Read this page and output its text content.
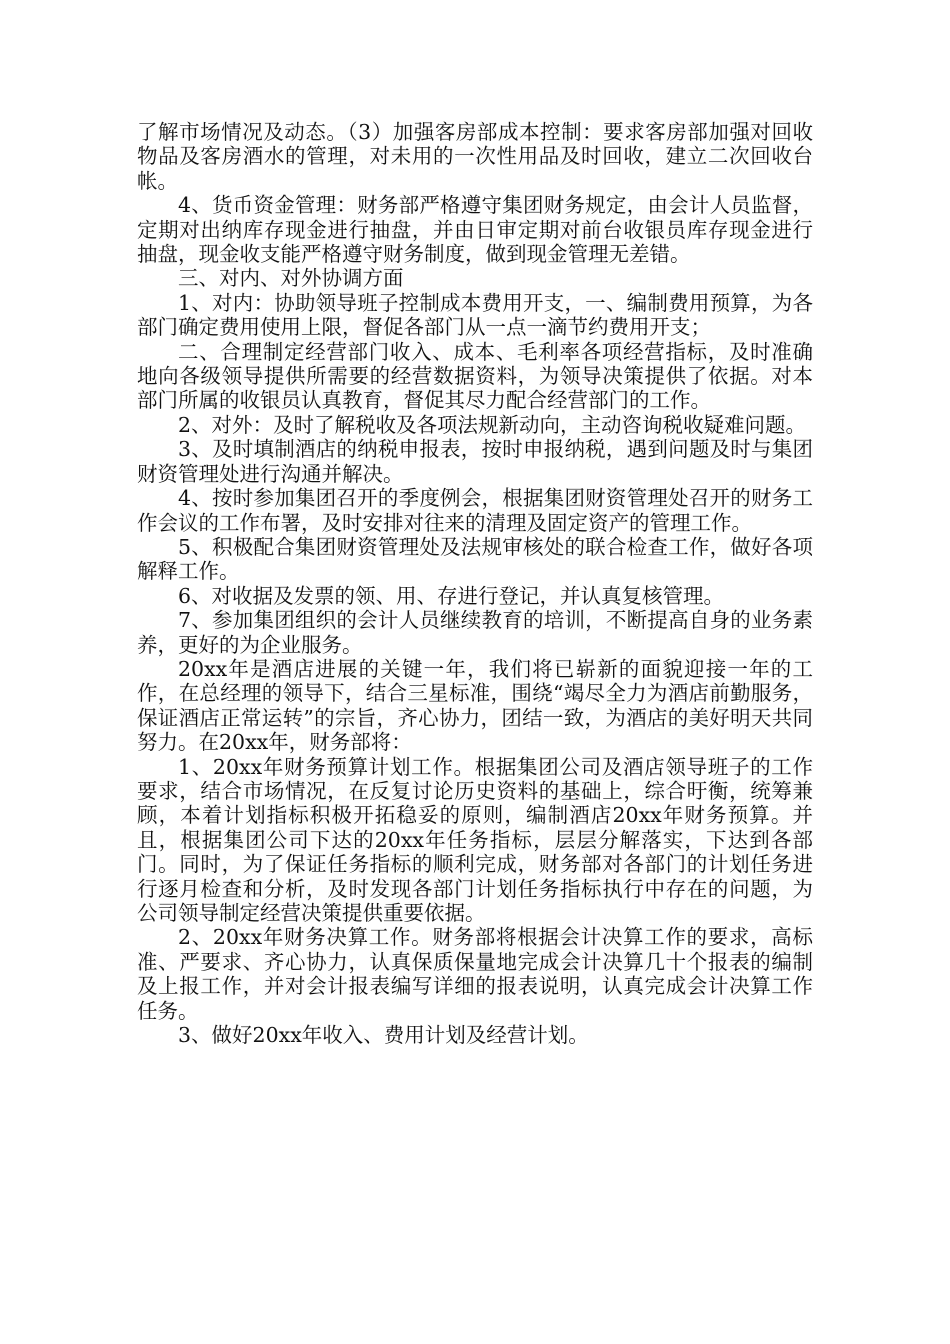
了解市场情况及动态。（3）加强客房部成本控制：要求客房部加强对回收物品及客房酒水的管理，对未用的一次性用品及时回收，建立二次回收台帐。

4、货币资金管理：财务部严格遵守集团财务规定，由会计人员监督，定期对出纳库存现金进行抽盘，并由日审定期对前台收银员库存现金进行抽盘，现金收支能严格遵守财务制度，做到现金管理无差错。

三、对内、对外协调方面

1、对内：协助领导班子控制成本费用开支，一、编制费用预算，为各部门确定费用使用上限，督促各部门从一点一滴节约费用开支；

二、合理制定经营部门收入、成本、毛利率各项经营指标，及时准确地向各级领导提供所需要的经营数据资料，为领导决策提供了依据。对本部门所属的收银员认真教育，督促其尽力配合经营部门的工作。

2、对外：及时了解税收及各项法规新动向，主动咨询税收疑难问题。

3、及时填制酒店的纳税申报表，按时申报纳税，遇到问题及时与集团财资管理处进行沟通并解决。

4、按时参加集团召开的季度例会，根据集团财资管理处召开的财务工作会议的工作布署，及时安排对往来的清理及固定资产的管理工作。

5、积极配合集团财资管理处及法规审核处的联合检查工作，做好各项解释工作。

6、对收据及发票的领、用、存进行登记，并认真复核管理。

7、参加集团组织的会计人员继续教育的培训，不断提高自身的业务素养，更好的为企业服务。

20xx年是酒店进展的关键一年，我们将已崭新的面貌迎接一年的工作，在总经理的领导下，结合三星标准，围绕“竭尽全力为酒店前勤服务，保证酒店正常运转”的宗旨，齐心协力，团结一致，为酒店的美好明天共同努力。在20xx年，财务部将：

1、20xx年财务预算计划工作。根据集团公司及酒店领导班子的工作要求，结合市场情况，在反复讨论历史资料的基础上，综合旴衡，统筹兼顾，本着计划指标积极开拓稳妥的原则，编制酒店20xx年财务预算。并且，根据集团公司下达的20xx年任务指标，层层分解落实，下达到各部门。同时，为了保证任务指标的顺利完成，财务部对各部门的计划任务进行逐月检查和分析，及时发现各部门计划任务指标执行中存在的问题，为公司领导制定经营决策提供重要依据。

2、20xx年财务决算工作。财务部将根据会计决算工作的要求，高标准、严要求、齐心协力，认真保质保量地完成会计决算几十个报表的编制及上报工作，并对会计报表编写详细的报表说明，认真完成会计决算工作任务。

3、做好20xx年收入、费用计划及经营计划。
